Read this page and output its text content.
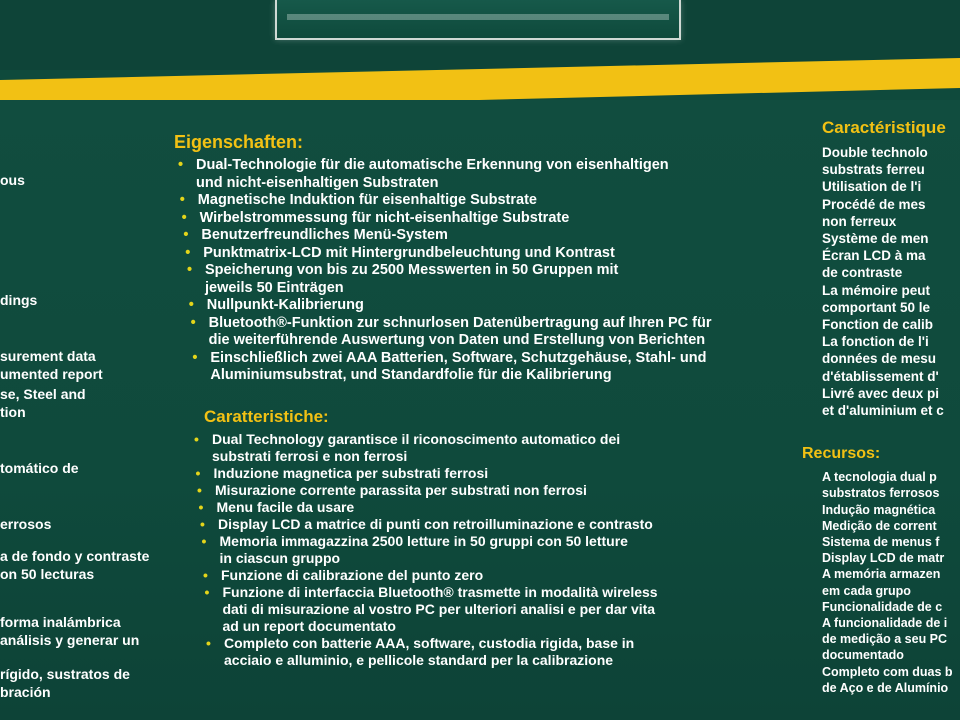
ous
dings
surement data
umented report
se, Steel and
tion
tomático de
errosos
a de fondo y contraste
on 50 lecturas
forma inalámbrica
análisis y generar un
rígido, sustratos de
bración
Eigenschaften:
• Dual-Technologie für die automatische Erkennung von eisenhaltigen
und nicht-eisenhaltigen Substraten
• Magnetische Induktion für eisenhaltige Substrate
• Wirbelstrommessung für nicht-eisenhaltige Substrate
• Benutzerfreundliches Menü-System
• Punktmatrix-LCD mit Hintergrundbeleuchtung und Kontrast
• Speicherung von bis zu 2500 Messwerten in 50 Gruppen mit
jeweils 50 Einträgen
• Nullpunkt-Kalibrierung
• Bluetooth®-Funktion zur schnurlosen Datenübertragung auf Ihren PC für
die weiterführende Auswertung von Daten und Erstellung von Berichten
• Einschließlich zwei AAA Batterien, Software, Schutzgehäuse, Stahl- und
Aluminiumsubstrat, und Standardfolie für die Kalibrierung
Caratteristiche:
• Dual Technology garantisce il riconoscimento automatico dei
substrati ferrosi e non ferrosi
• Induzione magnetica per substrati ferrosi
• Misurazione corrente parassita per substrati non ferrosi
• Menu facile da usare
• Display LCD a matrice di punti con retroilluminazione e contrasto
• Memoria immagazzina 2500 letture in 50 gruppi con 50 letture
in ciascun gruppo
• Funzione di calibrazione del punto zero
• Funzione di interfaccia Bluetooth® trasmette in modalità wireless
dati di misurazione al vostro PC per ulteriori analisi e per dar vita
ad un report documentato
• Completo con batterie AAA, software, custodia rigida, base in
acciaio e alluminio, e pellicole standard per la calibrazione
Caractéristique
Double technolo
substrats ferreu
Utilisation de l'i
Procédé de mes
non ferreux
Système de men
Écran LCD à ma
de contraste
La mémoire peut
comportant 50 le
Fonction de calib
La fonction de l'i
données de mesu
d'établissement d'
Livré avec deux pi
et d'aluminium et c
Recursos:
A tecnologia dual p
substratos ferrosos
Indução magnética
Medição de corrent
Sistema de menus f
Display LCD de matr
A memória armazen
em cada grupo
Funcionalidade de c
A funcionalidade de i
de medição a seu PC
documentado
Completo com duas b
de Aço e de Alumínio
